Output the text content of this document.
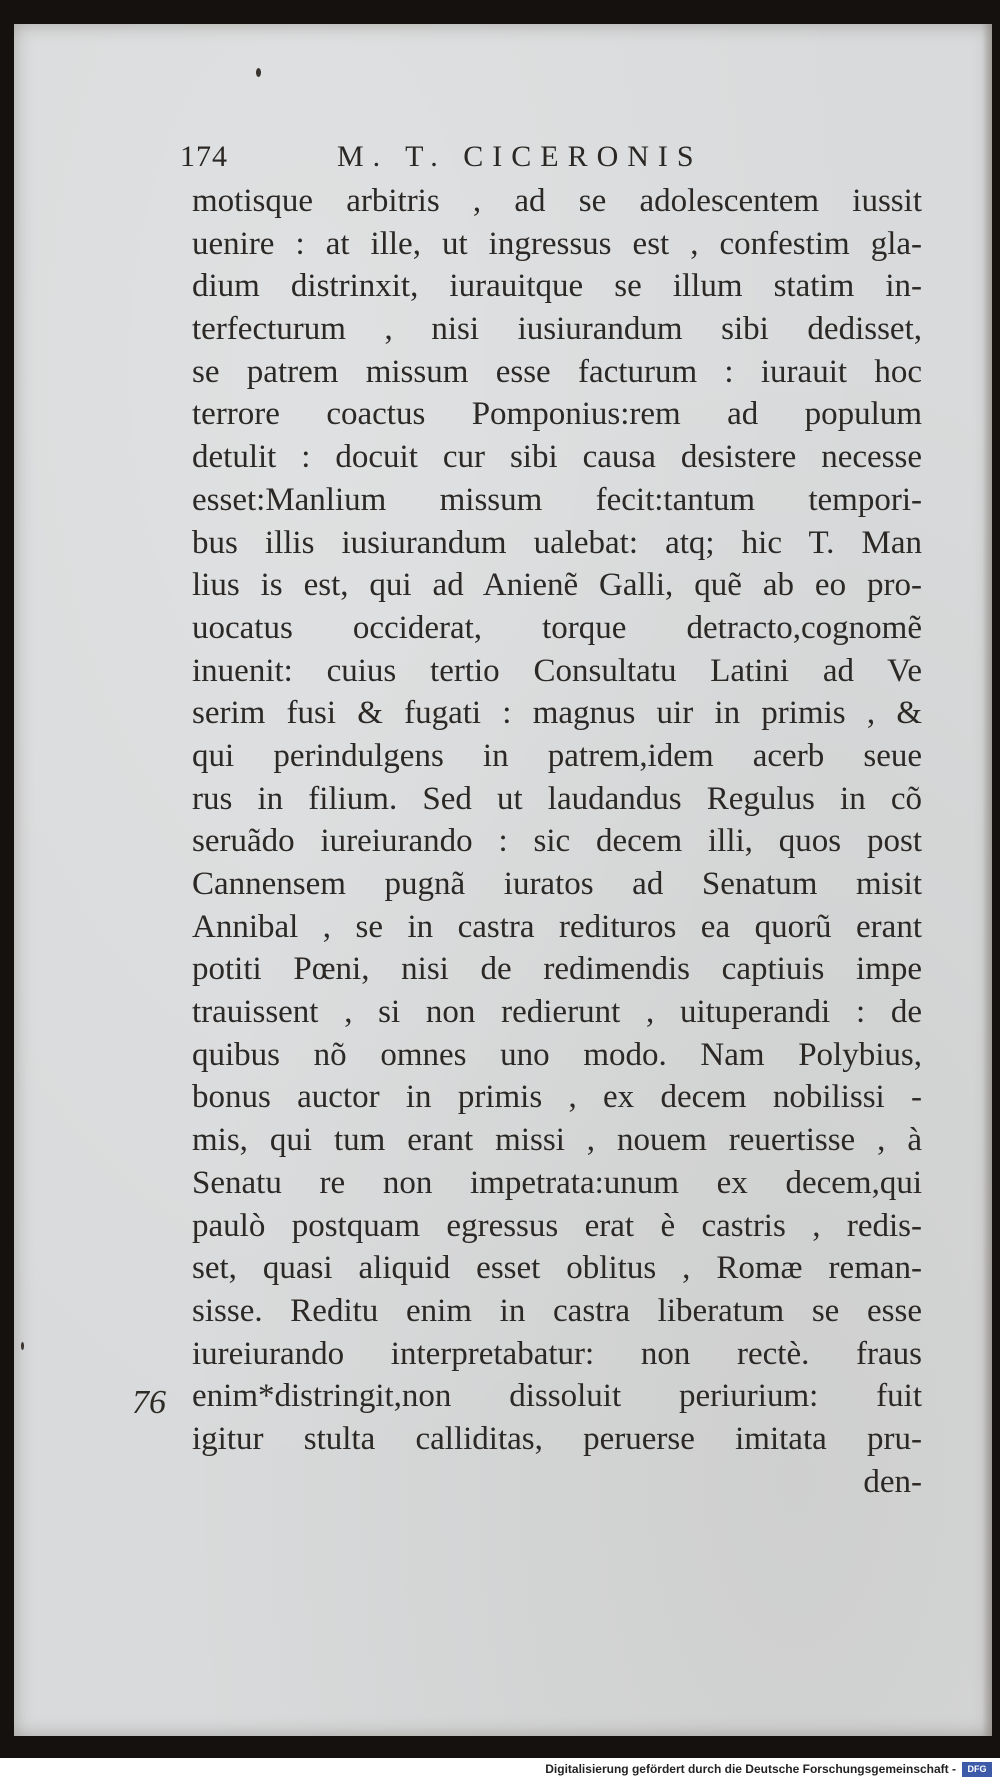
174	M. T. CICERONIS
motisque arbitris , ad se adolescentem iussit
uenire : at ille, ut ingressus est , confestim gla-
dium distrinxit, iurauitque se illum statim in-
terfecturum , nisi iusiurandum sibi dedisset,
se patrem missum esse facturum : iurauit hoc
terrore coactus Pomponius:rem ad populum
detulit : docuit cur sibi causa desistere necesse
esset:Manlium missum fecit:tantum tempori-
bus illis iusiurandum ualebat: atq; hic T. Man
lius is est, qui ad Anienẽ Galli, quẽ ab eo pro-
uocatus occiderat, torque detracto,cognomẽ
inuenit: cuius tertio Consultatu Latini ad Ve
serim fusi & fugati : magnus uir in primis , &
qui perindulgens in patrem,idem acerb seue
rus in filium. Sed ut laudandus Regulus in cõ
seruãdo iureiurando : sic decem illi, quos post
Cannensem pugnã iuratos ad Senatum misit
Annibal , se in castra redituros ea quorũ erant
potiti Pœni, nisi de redimendis captiuis impe
trauissent , si non redierunt , uituperandi : de
quibus nõ omnes uno modo. Nam Polybius,
bonus auctor in primis , ex decem nobilissi -
mis, qui tum erant missi , nouem reuertisse , à
Senatu re non impetrata:unum ex decem,qui
paulò postquam egressus erat è castris , redis-
set, quasi aliquid esset oblitus , Romæ reman-
sisse. Reditu enim in castra liberatum se esse
iureiurando interpretabatur: non rectè. fraus
enim*distringit,non dissoluit periurium: fuit
igitur stulta calliditas, peruerse imitata pru-
den-
76
Digitalisierung gefördert durch die Deutsche Forschungsgemeinschaft -	DFG
